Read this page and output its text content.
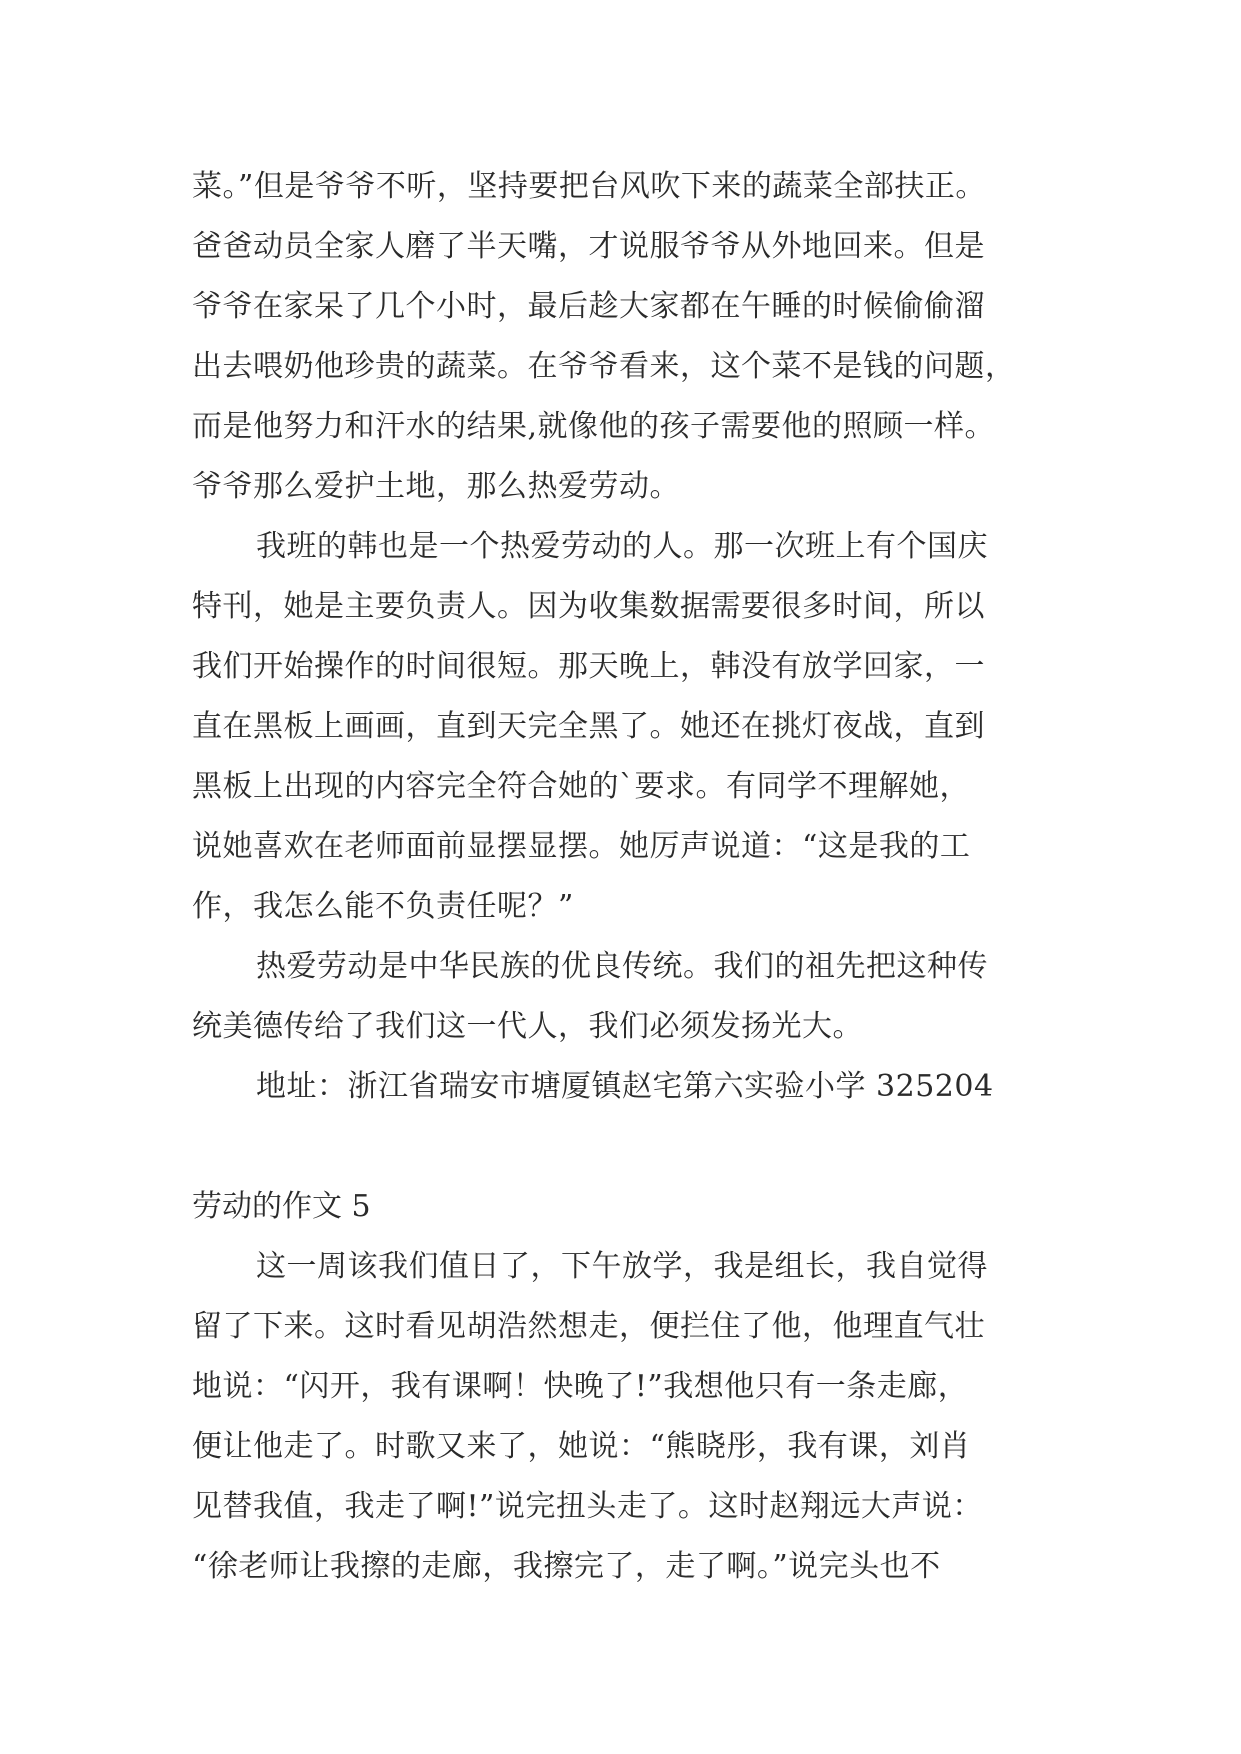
菜。”但是爷爷不听，坚持要把台风吹下来的蔬菜全部扶正。
爸爸动员全家人磨了半天嘴，才说服爷爷从外地回来。但是
爷爷在家呆了几个小时，最后趁大家都在午睡的时候偷偷溜
出去喂奶他珍贵的蔬菜。在爷爷看来，这个菜不是钱的问题，
而是他努力和汗水的结果,就像他的孩子需要他的照顾一样。
爷爷那么爱护土地，那么热爱劳动。
我班的韩也是一个热爱劳动的人。那一次班上有个国庆
特刊，她是主要负责人。因为收集数据需要很多时间，所以
我们开始操作的时间很短。那天晚上，韩没有放学回家，一
直在黑板上画画，直到天完全黑了。她还在挑灯夜战，直到
黑板上出现的内容完全符合她的`要求。有同学不理解她，
说她喜欢在老师面前显摆显摆。她厉声说道：“这是我的工
作，我怎么能不负责任呢？”
热爱劳动是中华民族的优良传统。我们的祖先把这种传
统美德传给了我们这一代人，我们必须发扬光大。
地址：浙江省瑞安市塘厦镇赵宅第六实验小学 325204
劳动的作文 5
这一周该我们值日了，下午放学，我是组长，我自觉得
留了下来。这时看见胡浩然想走，便拦住了他，他理直气壮
地说：“闪开，我有课啊！快晚了!”我想他只有一条走廊，
便让他走了。时歌又来了，她说：“熊晓彤，我有课，刘肖
见替我值，我走了啊!”说完扭头走了。这时赵翔远大声说：
“徐老师让我擦的走廊，我擦完了，走了啊。”说完头也不
